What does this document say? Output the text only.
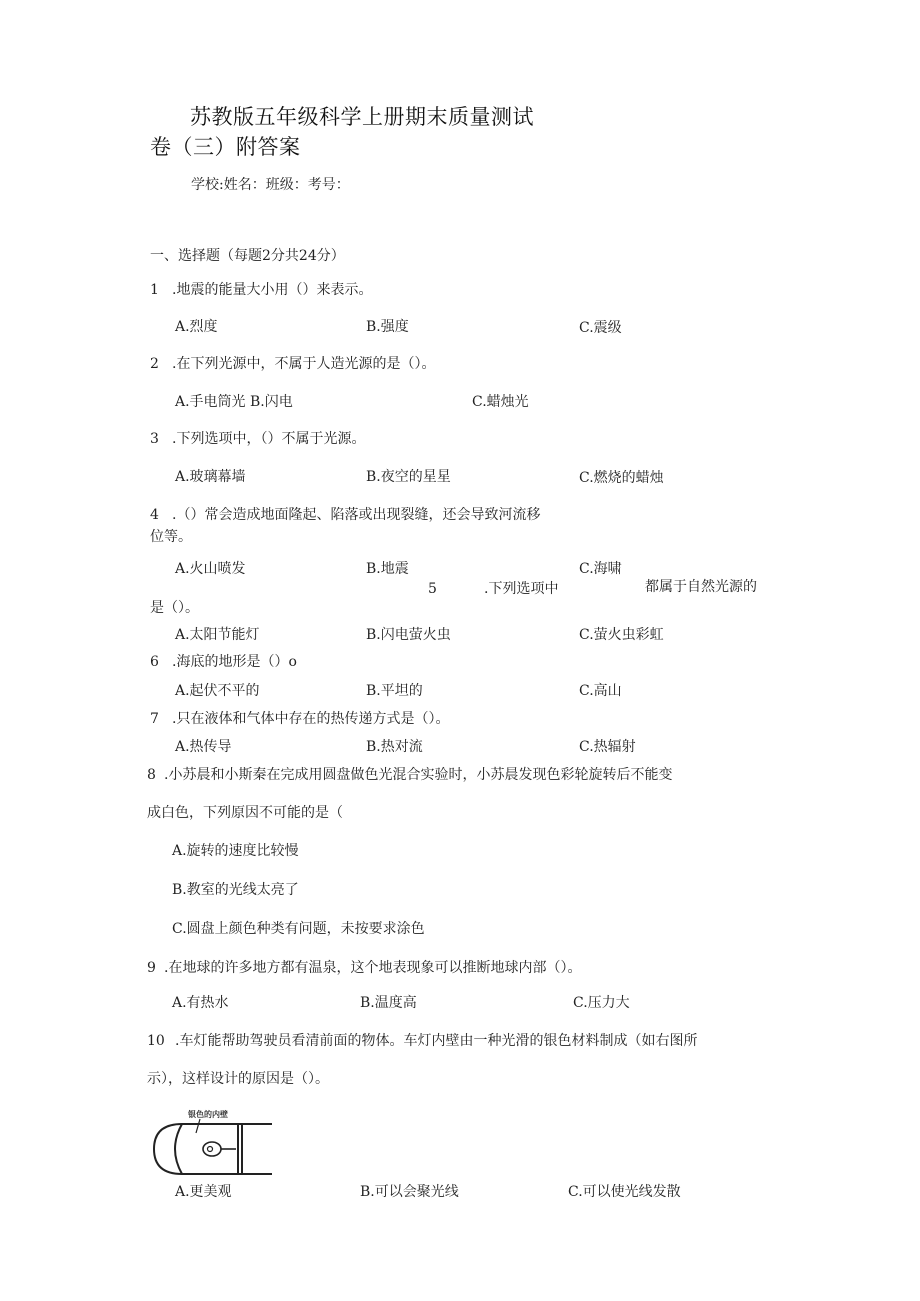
苏教版五年级科学上册期末质量测试
卷（三）附答案
学校:姓名：班级：考号：
一、选择题（每题2分共24分）
1 .地震的能量大小用（）来表示。
A.烈度	B.强度	C.震级
2 .在下列光源中，不属于人造光源的是（）。
A.手电筒光 B.闪电	C.蜡烛光
3 .下列选项中，（）不属于光源。
A.玻璃幕墙	B.夜空的星星	C.燃烧的蜡烛
4 .（）常会造成地面隆起、陷落或出现裂缝，还会导致河流移
位等。
A.火山喷发	B.地震	C.海啸
5	.下列选项中	都属于自然光源的
是（）。
A.太阳节能灯	B.闪电萤火虫	C.萤火虫彩虹
6 .海底的地形是（）o
A.起伏不平的	B.平坦的	C.高山
7 .只在液体和气体中存在的热传递方式是（）。
A.热传导	B.热对流	C.热辐射
8 .小苏晨和小斯秦在完成用圆盘做色光混合实验时，小苏晨发现色彩轮旋转后不能变
成白色，下列原因不可能的是（
A.旋转的速度比较慢
B.教室的光线太亮了
C.圆盘上颜色种类有问题，未按要求涂色
9 .在地球的许多地方都有温泉，这个地表现象可以推断地球内部（）。
A.有热水	B.温度高	C.压力大
10 .车灯能帮助驾驶员看清前面的物体。车灯内壁由一种光滑的银色材料制成（如右图所
示），这样设计的原因是（）。
银色的内壁
A.更美观	B.可以会聚光线	C.可以使光线发散
